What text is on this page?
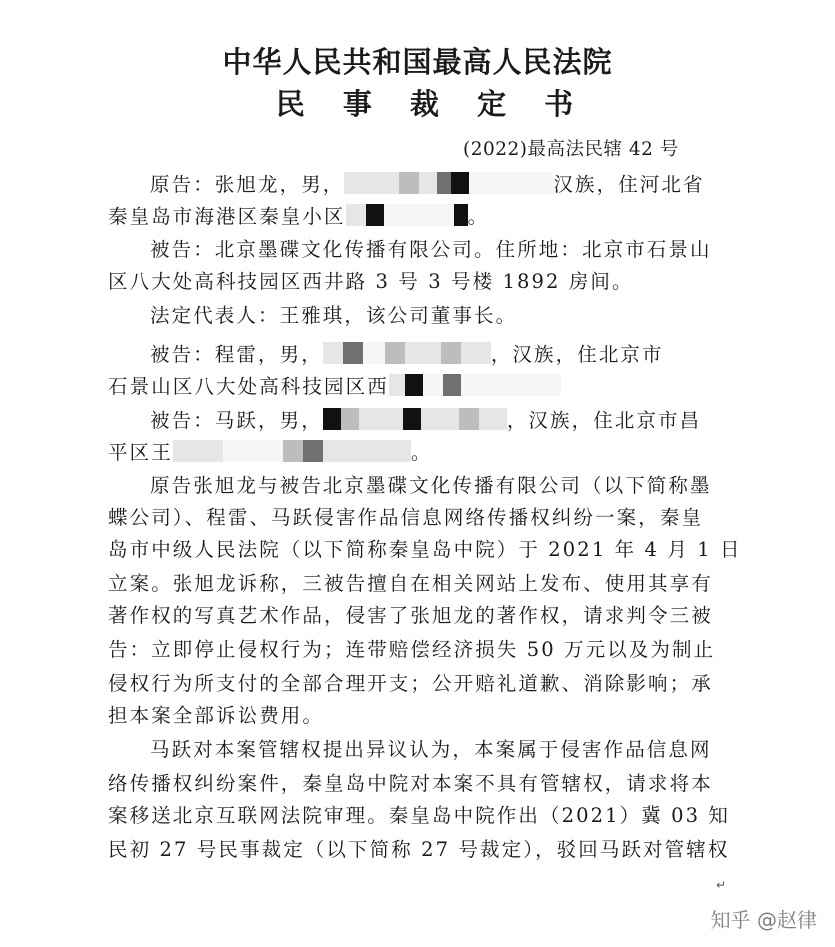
中华人民共和国最高人民法院
民 事 裁 定 书
(2022)最高法民辖 42 号
原告：张旭龙，男，	汉族，住河北省
秦皇岛市海港区秦皇小区	。
被告：北京墨碟文化传播有限公司。住所地：北京市石景山
区八大处高科技园区西井路 3 号 3 号楼 1892 房间。
法定代表人：王雅琪，该公司董事长。
被告：程雷，男，	，汉族，住北京市
石景山区八大处高科技园区西
被告：马跃，男，	，汉族，住北京市昌
平区王	。
原告张旭龙与被告北京墨碟文化传播有限公司（以下简称墨
蝶公司）、程雷、马跃侵害作品信息网络传播权纠纷一案，秦皇
岛市中级人民法院（以下简称秦皇岛中院）于 2021 年 4 月 1 日
立案。张旭龙诉称，三被告擅自在相关网站上发布、使用其享有
著作权的写真艺术作品，侵害了张旭龙的著作权，请求判令三被
告：立即停止侵权行为；连带赔偿经济损失 50 万元以及为制止
侵权行为所支付的全部合理开支；公开赔礼道歉、消除影响；承
担本案全部诉讼费用。
马跃对本案管辖权提出异议认为，本案属于侵害作品信息网
络传播权纠纷案件，秦皇岛中院对本案不具有管辖权，请求将本
案移送北京互联网法院审理。秦皇岛中院作出（2021）冀 03 知
民初 27 号民事裁定（以下简称 27 号裁定），驳回马跃对管辖权
↵
知乎 @赵律
